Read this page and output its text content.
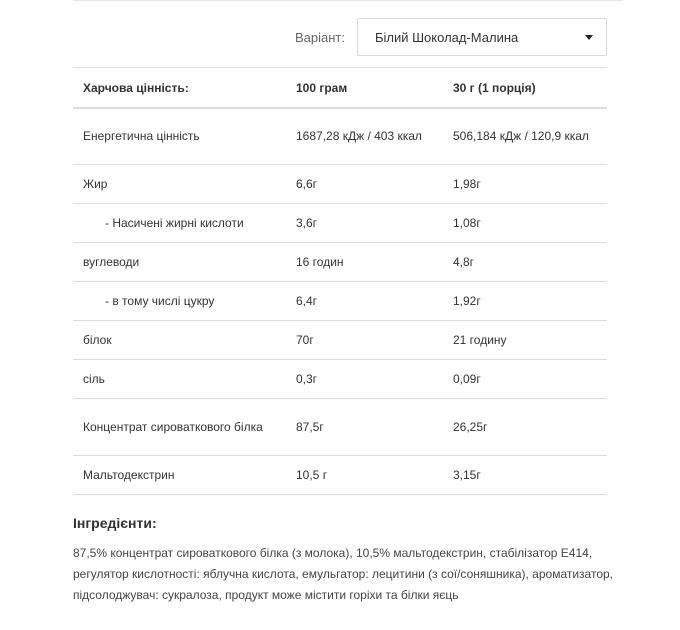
Варіант: Білий Шоколад-Малина
Харчова цінність:	100 грам	30 г (1 порція)
Енергетична цінність	1687,28 кДж / 403 ккал	506,184 кДж / 120,9 ккал
Жир	6,6г	1,98г
- Насичені жирні кислоти	3,6г	1,08г
вуглеводи	16 годин	4,8г
- в тому числі цукру	6,4г	1,92г
білок	70г	21 годину
сіль	0,3г	0,09г
Концентрат сироваткового білка	87,5г	26,25г
Мальтодекстрин	10,5 г	3,15г

Інгредієнти:

87,5% концентрат сироваткового білка (з молока), 10,5% мальтодекстрин, стабілізатор Е414, регулятор кислотності: яблучна кислота, емульгатор: лецитини (з сої/соняшника), ароматизатор, підсолоджувач: сукралоза, продукт може містити горіхи та білки яєць
